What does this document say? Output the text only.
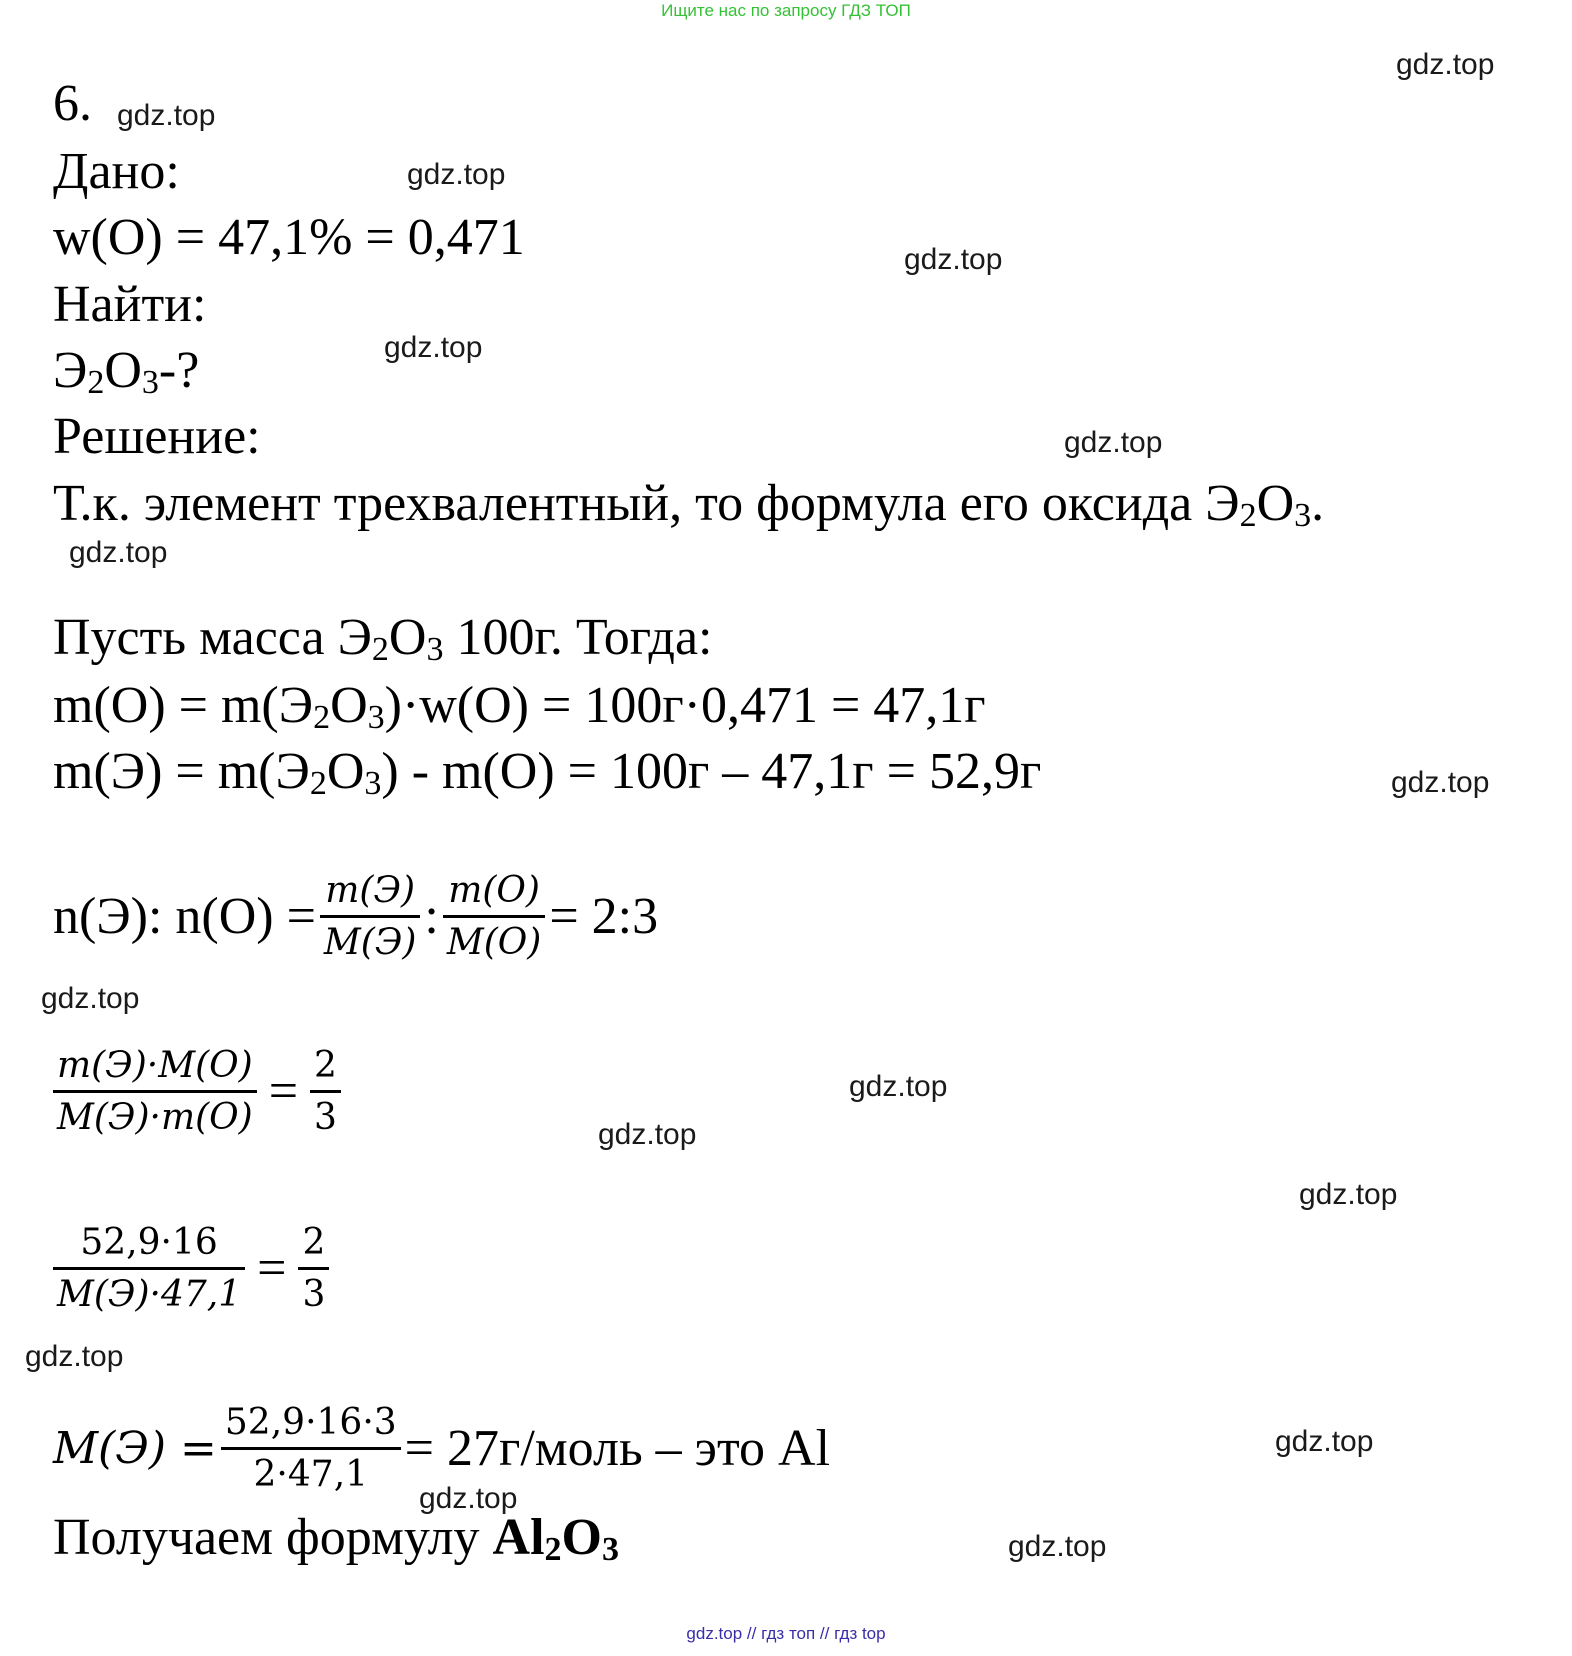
Ищите нас по запросу ГДЗ ТОП
gdz.top // гдз топ // гдз top
gdz.top
gdz.top
gdz.top
gdz.top
gdz.top
gdz.top
gdz.top
gdz.top
gdz.top
gdz.top
gdz.top
gdz.top
gdz.top
gdz.top
gdz.top
gdz.top
6.
Дано:
w(O) = 47,1% = 0,471
Найти:
$Э_2O_3-$?
Решение:
Т.к. элемент трехвалентный, то формула его оксида $Э_2O_3$.
Пусть масса $Э_2O_3$ 100г. Тогда:
$m(O) = m(Э_2O_3)\cdot w(O) = 100г\cdot 0,471 = 47,1г$
$m(Э) = m(Э_2O_3) - m(O) = 100г - 47,1г = 52,9г$
n(Э): $n(O) = \frac{m(Э)}{M(Э)}$ : $\frac{m(O)}{M(O)}$ = 2:3
$\frac{m(Э)\cdot M(O)}{M(Э)\cdot m(O)} = \frac{2}{3}$
$\frac{52,9\cdot 16}{M(Э)\cdot 47,1} = \frac{2}{3}$
$M(Э) = \frac{52,9\cdot 16\cdot 3}{2\cdot 47,1}$ = 27г/моль – это Al
Получаем формулу $Al_2O_3$
